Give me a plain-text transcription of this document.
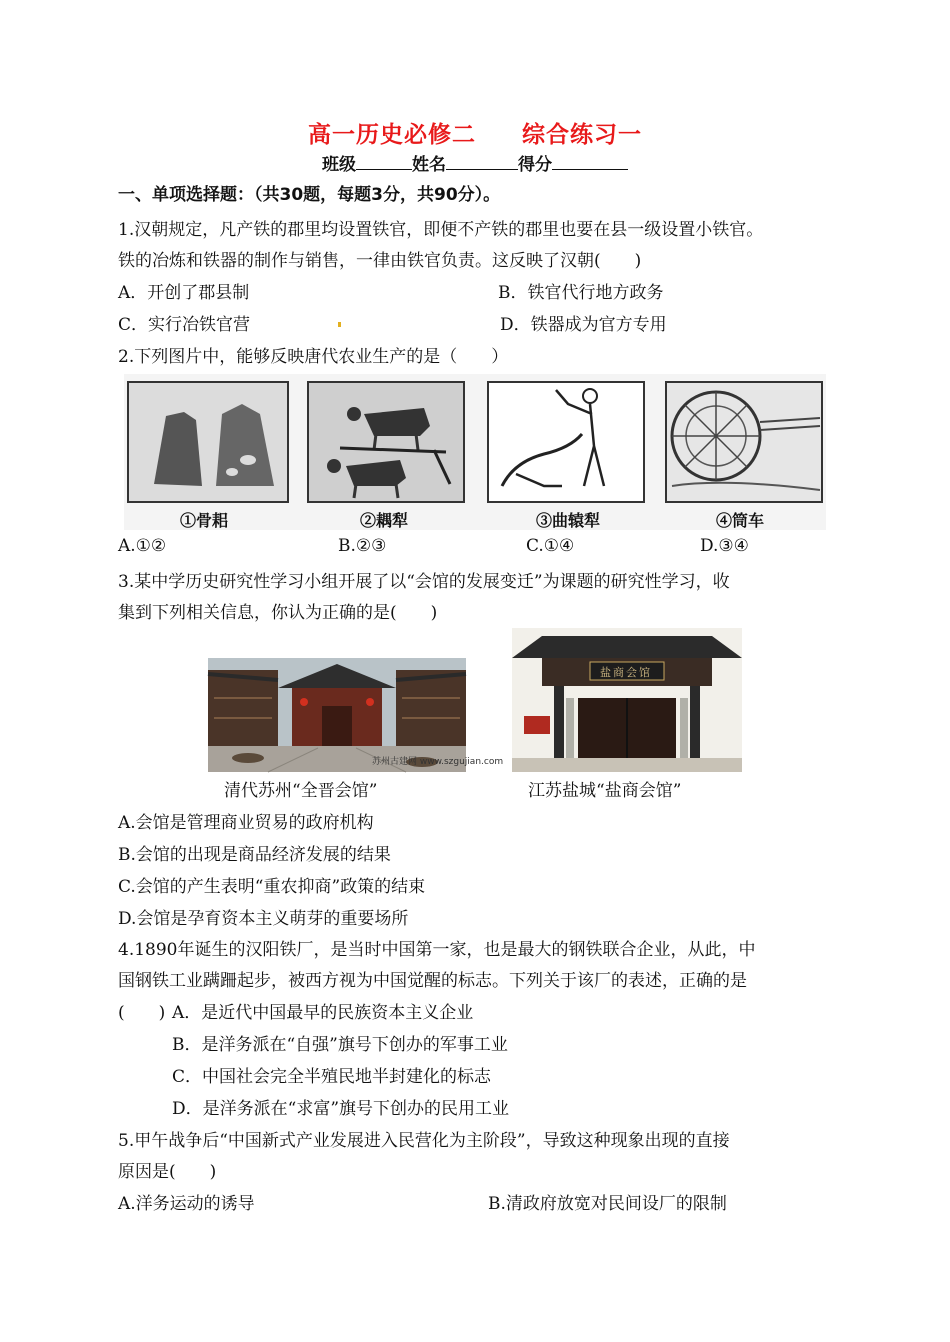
高一历史必修二 综合练习一
班级	姓名	得分
一、单项选择题：（共30题，每题3分，共90分）。
1.汉朝规定，凡产铁的郡里均设置铁官，即便不产铁的郡里也要在县一级设置小铁官。
铁的冶炼和铁器的制作与销售，一律由铁官负责。这反映了汉朝(　　)
A．开创了郡县制	B．铁官代行地方政务
C．实行冶铁官营	D．铁器成为官方专用
2.下列图片中，能够反映唐代农业生产的是（　　）
①骨耜	②耦犁	③曲辕犁	④筒车
A.①②	B.②③	C.①④	D.③④
3.某中学历史研究性学习小组开展了以“会馆的发展变迁”为课题的研究性学习，收
集到下列相关信息，你认为正确的是(　　)
苏州古建网 www.szgujian.com
盐商会馆
清代苏州“全晋会馆”	江苏盐城“盐商会馆”
A.会馆是管理商业贸易的政府机构
B.会馆的出现是商品经济发展的结果
C.会馆的产生表明“重农抑商”政策的结束
D.会馆是孕育资本主义萌芽的重要场所
4.1890年诞生的汉阳铁厂，是当时中国第一家，也是最大的钢铁联合企业，从此，中
国钢铁工业蹒跚起步，被西方视为中国觉醒的标志。下列关于该厂的表述，正确的是
(　　) A．是近代中国最早的民族资本主义企业
B．是洋务派在“自强”旗号下创办的军事工业
C．中国社会完全半殖民地半封建化的标志
D．是洋务派在“求富”旗号下创办的民用工业
5.甲午战争后“中国新式产业发展进入民营化为主阶段”，导致这种现象出现的直接
原因是(　　)
A.洋务运动的诱导	B.清政府放宽对民间设厂的限制
